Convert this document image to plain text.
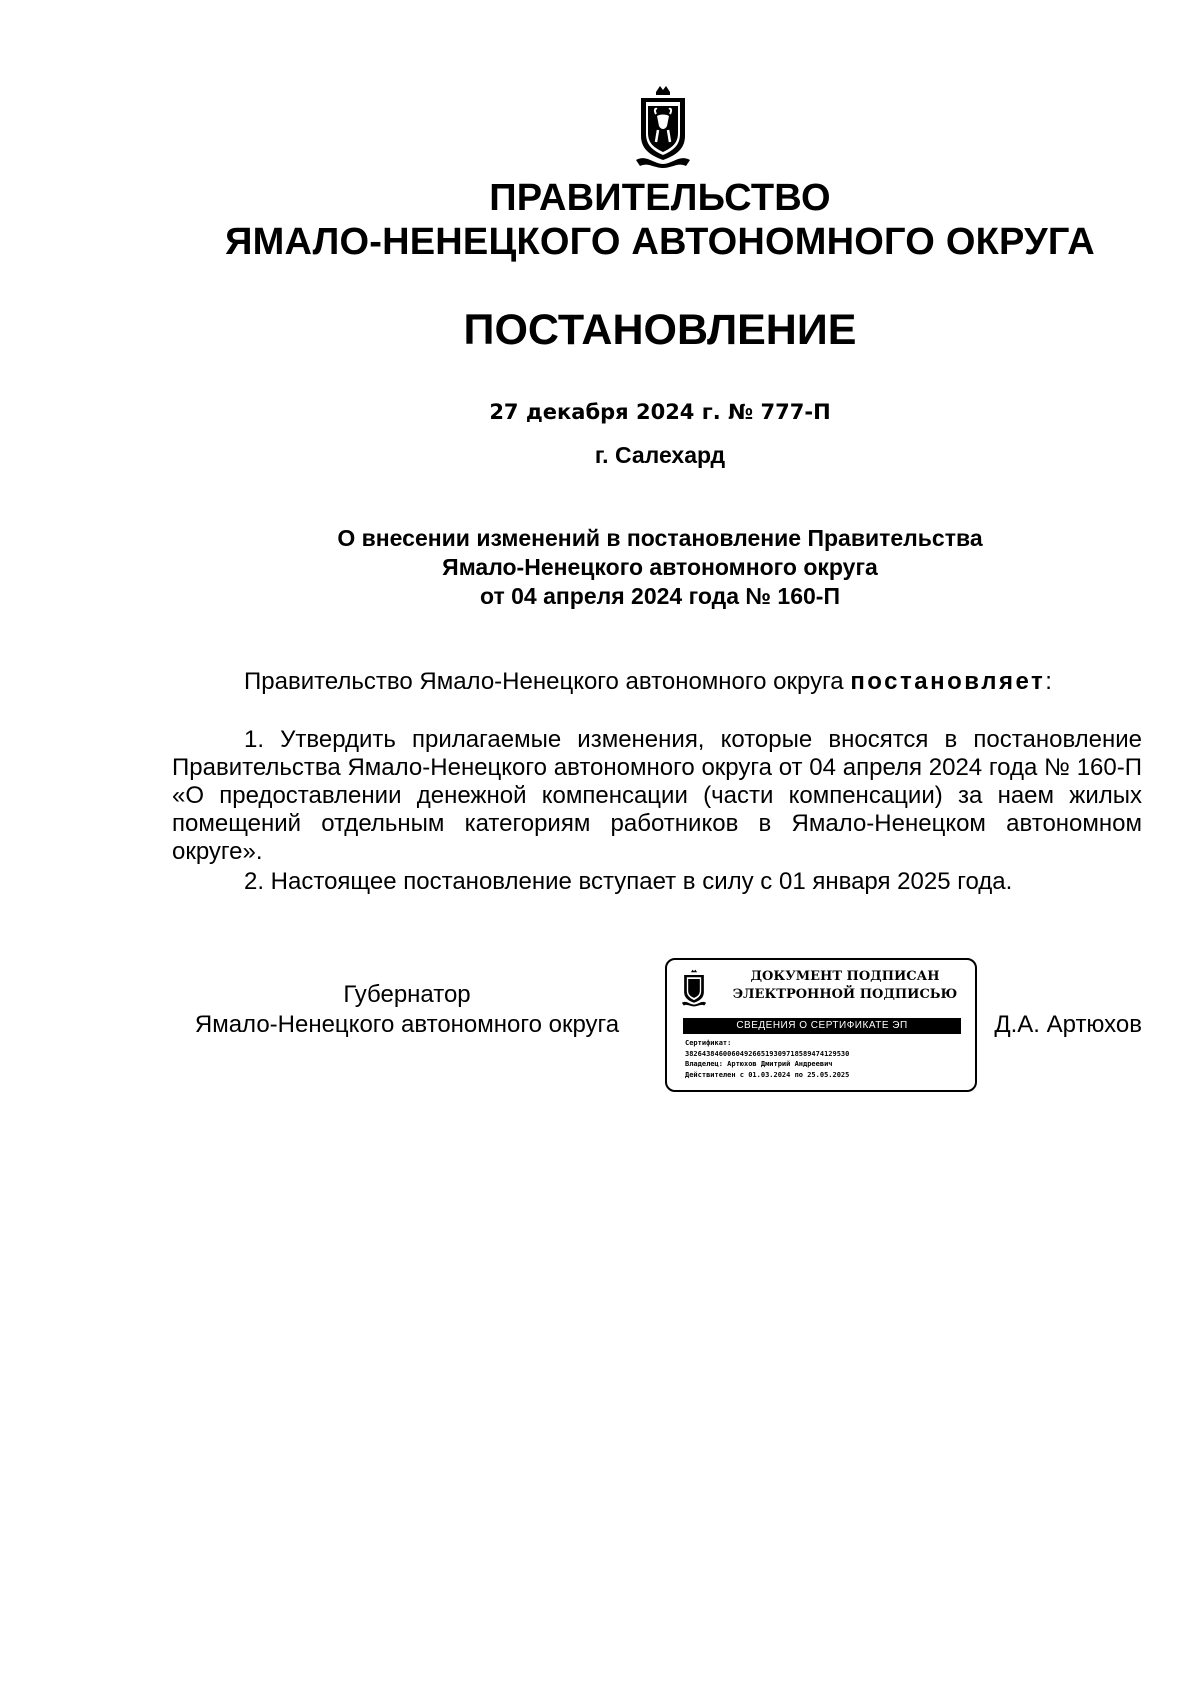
ПРАВИТЕЛЬСТВО
ЯМАЛО-НЕНЕЦКОГО АВТОНОМНОГО ОКРУГА
ПОСТАНОВЛЕНИЕ
27 декабря 2024 г. № 777-П
г. Салехард
О внесении изменений в постановление Правительства
Ямало-Ненецкого автономного округа
от 04 апреля 2024 года № 160-П
Правительство Ямало-Ненецкого автономного округа постановляет:
1. Утвердить прилагаемые изменения, которые вносятся в постановление Правительства Ямало-Ненецкого автономного округа от 04 апреля 2024 года № 160-П «О предоставлении денежной компенсации (части компенсации) за наем жилых помещений отдельным категориям работников в Ямало-Ненецком автономном округе».
2. Настоящее постановление вступает в силу с 01 января 2025 года.
Губернатор
Ямало-Ненецкого автономного округа
ДОКУМЕНТ ПОДПИСАН
ЭЛЕКТРОННОЙ ПОДПИСЬЮ
СВЕДЕНИЯ О СЕРТИФИКАТЕ ЭП
Сертификат:
382643846006049266519309718589474129530
Владелец: Артюхов Дмитрий Андреевич
Действителен с 01.03.2024 по 25.05.2025
Д.А. Артюхов
